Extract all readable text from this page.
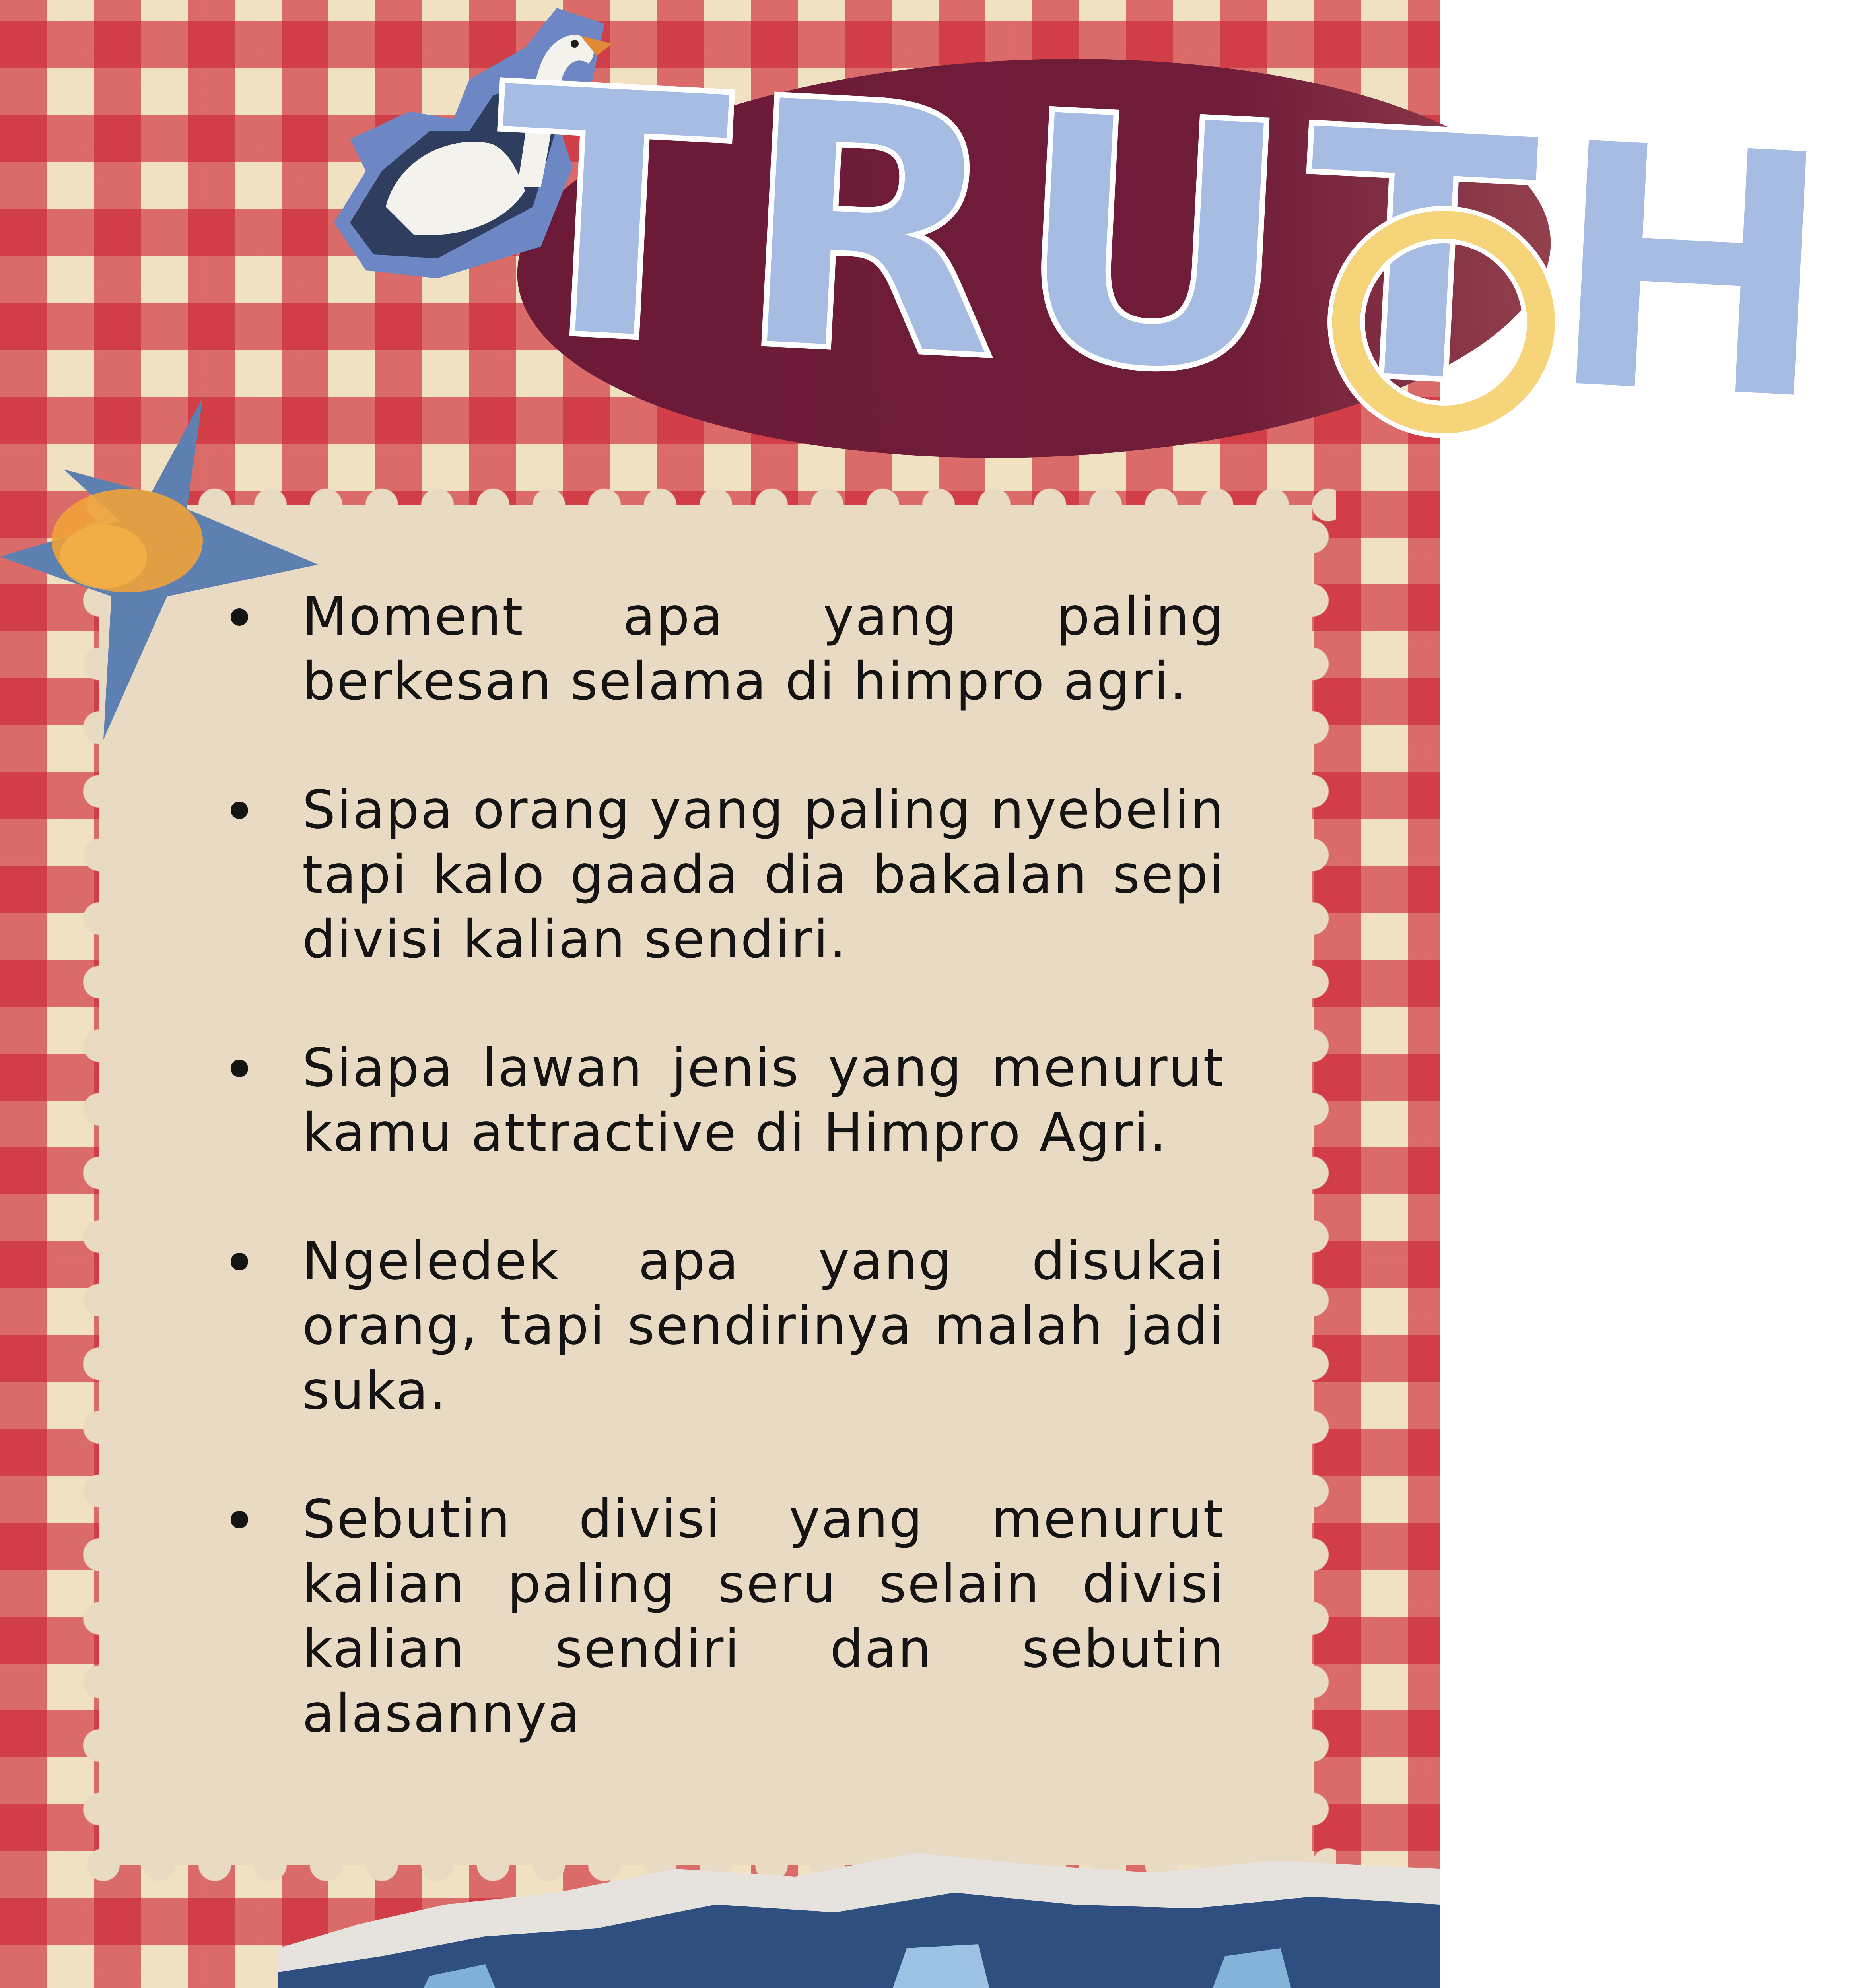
TRUTH
Moment apa yang paling berkesan selama di himpro agri.
Siapa orang yang paling nyebelin tapi kalo gaada dia bakalan sepi divisi kalian sendiri.
Siapa lawan jenis yang menurut kamu attractive di Himpro Agri.
Ngeledek apa yang disukai orang, tapi sendirinya malah jadi suka.
Sebutin divisi yang menurut kalian paling seru selain divisi kalian sendiri dan sebutin alasannya
